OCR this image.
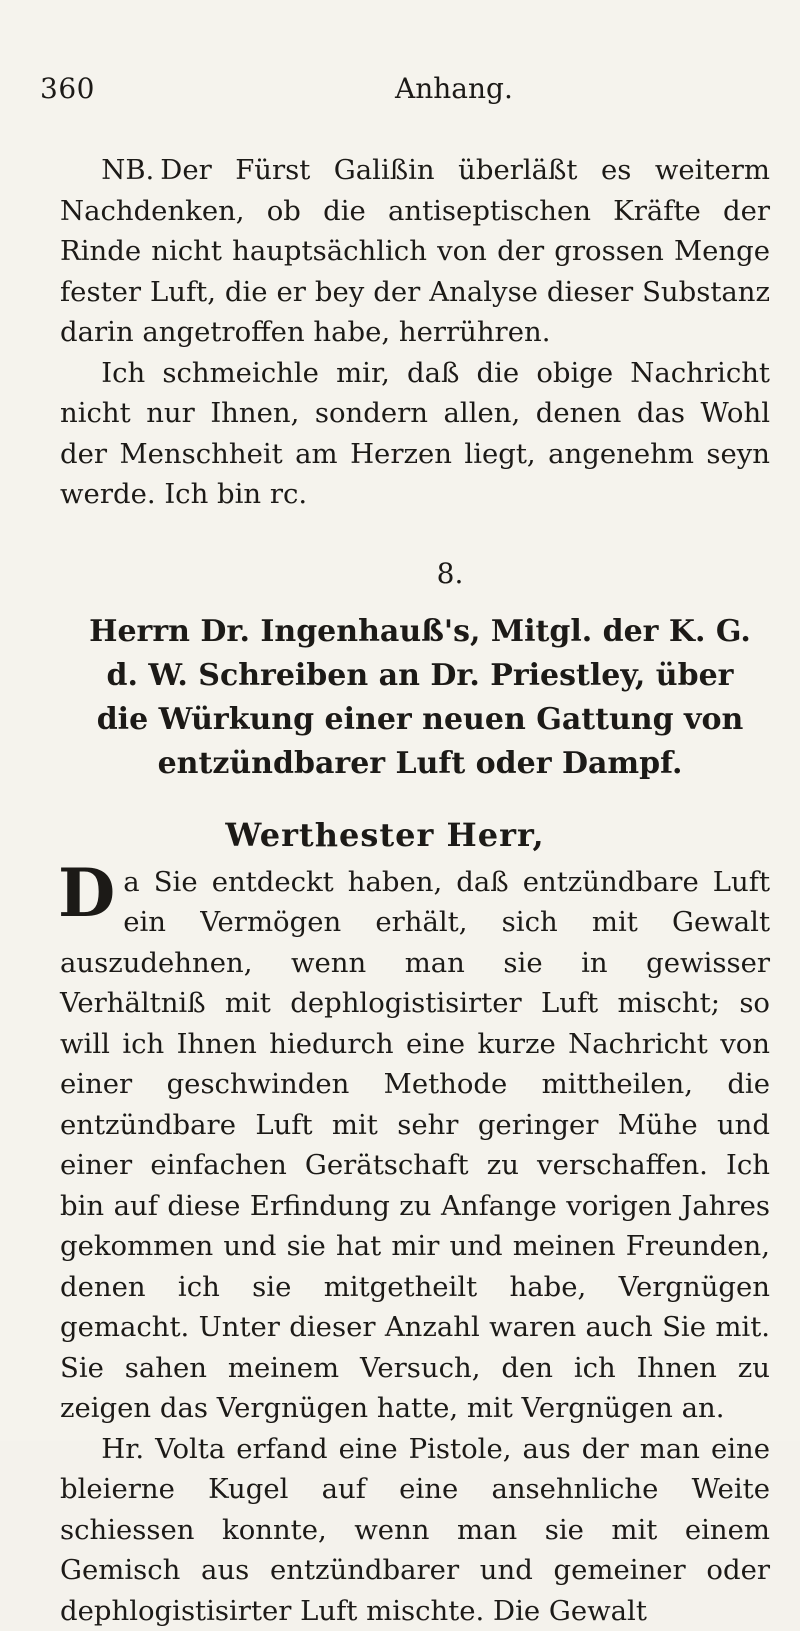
360	Anhang.

NB. Der Fürst Galißin überläßt es weiterm Nachdenken, ob die antiseptischen Kräfte der Rinde nicht hauptsächlich von der grossen Menge fester Luft, die er bey der Analyse dieser Substanz darin angetroffen habe, herrühren.

Ich schmeichle mir, daß die obige Nachricht nicht nur Ihnen, sondern allen, denen das Wohl der Menschheit am Herzen liegt, angenehm seyn werde. Ich bin rc.

8.
Herrn Dr. Ingenhauß's, Mitgl. der K. G. d. W. Schreiben an Dr. Priestley, über die Würkung einer neuen Gattung von entzündbarer Luft oder Dampf.
Werthester Herr,

Da Sie entdeckt haben, daß entzündbare Luft ein Vermögen erhält, sich mit Gewalt auszudehnen, wenn man sie in gewisser Verhältniß mit dephlogistisirter Luft mischt; so will ich Ihnen hiedurch eine kurze Nachricht von einer geschwinden Methode mittheilen, die entzündbare Luft mit sehr geringer Mühe und einer einfachen Gerätschaft zu verschaffen. Ich bin auf diese Erfindung zu Anfange vorigen Jahres gekommen und sie hat mir und meinen Freunden, denen ich sie mitgetheilt habe, Vergnügen gemacht. Unter dieser Anzahl waren auch Sie mit. Sie sahen meinem Versuch, den ich Ihnen zu zeigen das Vergnügen hatte, mit Vergnügen an.

Hr. Volta erfand eine Pistole, aus der man eine bleierne Kugel auf eine ansehnliche Weite schiessen konnte, wenn man sie mit einem Gemisch aus entzündbarer und gemeiner oder dephlogistisirter Luft mischte. Die Gewalt
